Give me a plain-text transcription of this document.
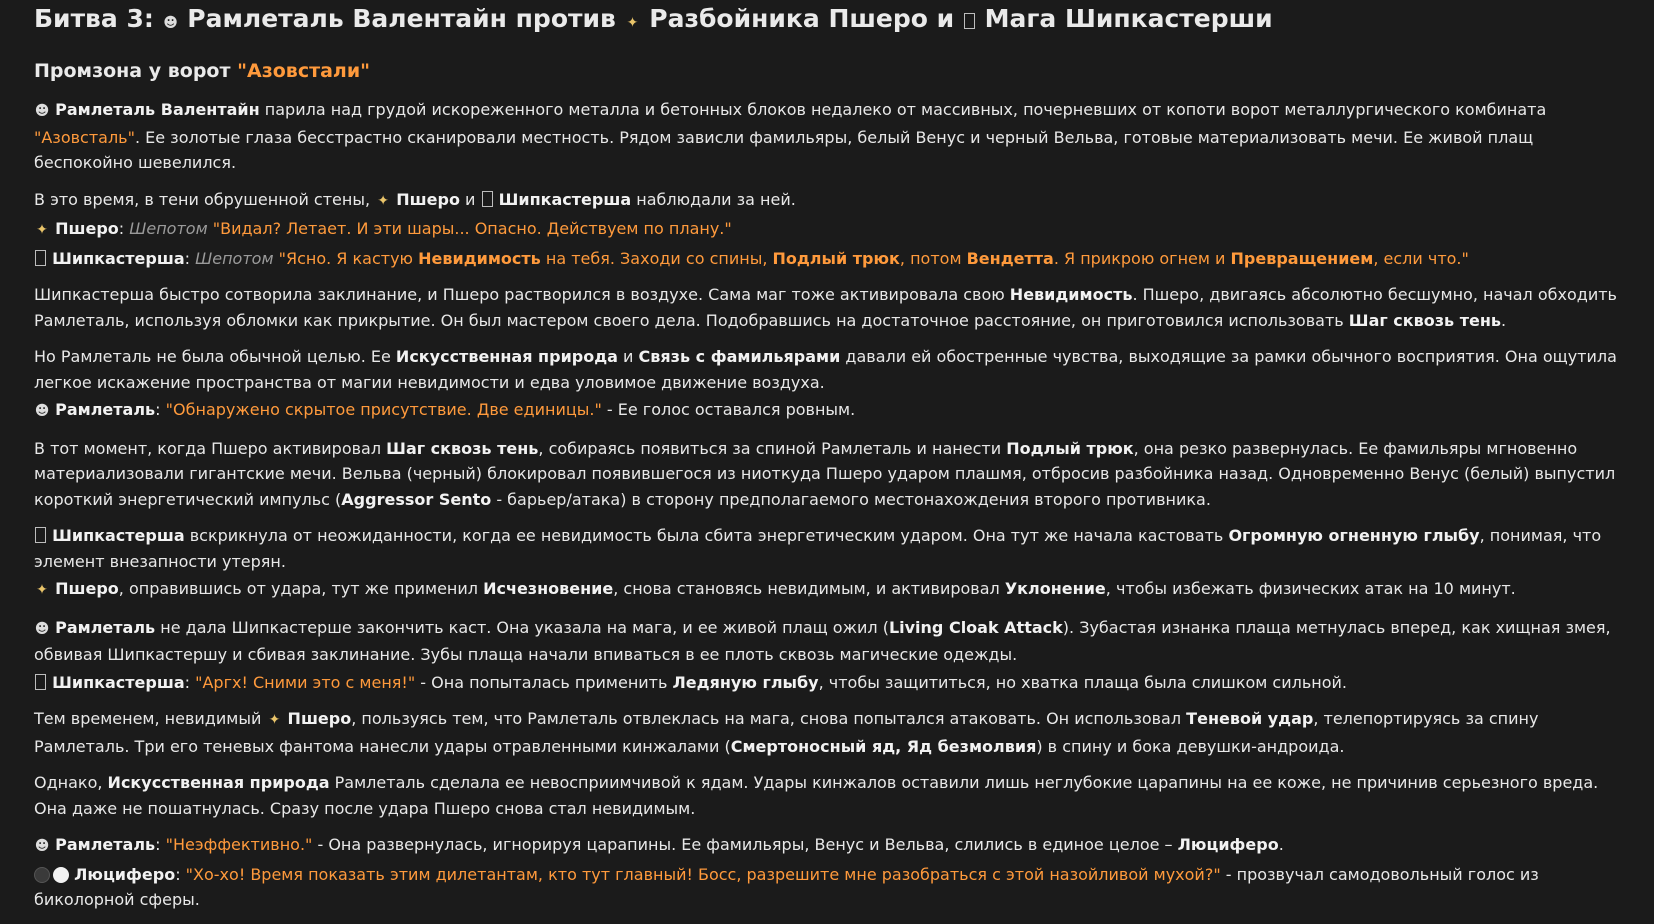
Битва 3: ☻ Рамлеталь Валентайн против ✦ Разбойника Пшеро и  Мага Шипкастерши
Промзона у ворот "Азовстали"

☻ Рамлеталь Валентайн парила над грудой искореженного металла и бетонных блоков недалеко от массивных, почерневших от копоти ворот металлургического комбината "Азовсталь". Ее золотые глаза бесстрастно сканировали местность. Рядом зависли фамильяры, белый Венус и черный Вельва, готовые материализовать мечи. Ее живой плащ беспокойно шевелился.

В это время, в тени обрушенной стены, ✦ Пшеро и  Шипкастерша наблюдали за ней.

✦ Пшеро: Шепотом "Видал? Летает. И эти шары... Опасно. Действуем по плану."

Шипкастерша: Шепотом "Ясно. Я кастую Невидимость на тебя. Заходи со спины, Подлый трюк, потом Вендетта. Я прикрою огнем и Превращением, если что."

Шипкастерша быстро сотворила заклинание, и Пшеро растворился в воздухе. Сама маг тоже активировала свою Невидимость. Пшеро, двигаясь абсолютно бесшумно, начал обходить Рамлеталь, используя обломки как прикрытие. Он был мастером своего дела. Подобравшись на достаточное расстояние, он приготовился использовать Шаг сквозь тень.

Но Рамлеталь не была обычной целью. Ее Искусственная природа и Связь с фамильярами давали ей обостренные чувства, выходящие за рамки обычного восприятия. Она ощутила легкое искажение пространства от магии невидимости и едва уловимое движение воздуха.

☻ Рамлеталь: "Обнаружено скрытое присутствие. Две единицы." - Ее голос оставался ровным.

В тот момент, когда Пшеро активировал Шаг сквозь тень, собираясь появиться за спиной Рамлеталь и нанести Подлый трюк, она резко развернулась. Ее фамильяры мгновенно материализовали гигантские мечи. Вельва (черный) блокировал появившегося из ниоткуда Пшеро ударом плашмя, отбросив разбойника назад. Одновременно Венус (белый) выпустил короткий энергетический импульс (Aggressor Sento - барьер/атака) в сторону предполагаемого местонахождения второго противника.

Шипкастерша вскрикнула от неожиданности, когда ее невидимость была сбита энергетическим ударом. Она тут же начала кастовать Огромную огненную глыбу, понимая, что элемент внезапности утерян.

✦ Пшеро, оправившись от удара, тут же применил Исчезновение, снова становясь невидимым, и активировал Уклонение, чтобы избежать физических атак на 10 минут.

☻ Рамлеталь не дала Шипкастерше закончить каст. Она указала на мага, и ее живой плащ ожил (Living Cloak Attack). Зубастая изнанка плаща метнулась вперед, как хищная змея, обвивая Шипкастершу и сбивая заклинание. Зубы плаща начали впиваться в ее плоть сквозь магические одежды.

Шипкастерша: "Аргх! Сними это с меня!" - Она попыталась применить Ледяную глыбу, чтобы защититься, но хватка плаща была слишком сильной.

Тем временем, невидимый ✦ Пшеро, пользуясь тем, что Рамлеталь отвлеклась на мага, снова попытался атаковать. Он использовал Теневой удар, телепортируясь за спину Рамлеталь. Три его теневых фантома нанесли удары отравленными кинжалами (Смертоносный яд, Яд безмолвия) в спину и бока девушки-андроида.

Однако, Искусственная природа Рамлеталь сделала ее невосприимчивой к ядам. Удары кинжалов оставили лишь неглубокие царапины на ее коже, не причинив серьезного вреда. Она даже не пошатнулась. Сразу после удара Пшеро снова стал невидимым.

☻ Рамлеталь: "Неэффективно." - Она развернулась, игнорируя царапины. Ее фамильяры, Венус и Вельва, слились в единое целое – Люциферо.

Люциферо: "Хо-хо! Время показать этим дилетантам, кто тут главный! Босс, разрешите мне разобраться с этой назойливой мухой?" - прозвучал самодовольный голос из биколорной сферы.
